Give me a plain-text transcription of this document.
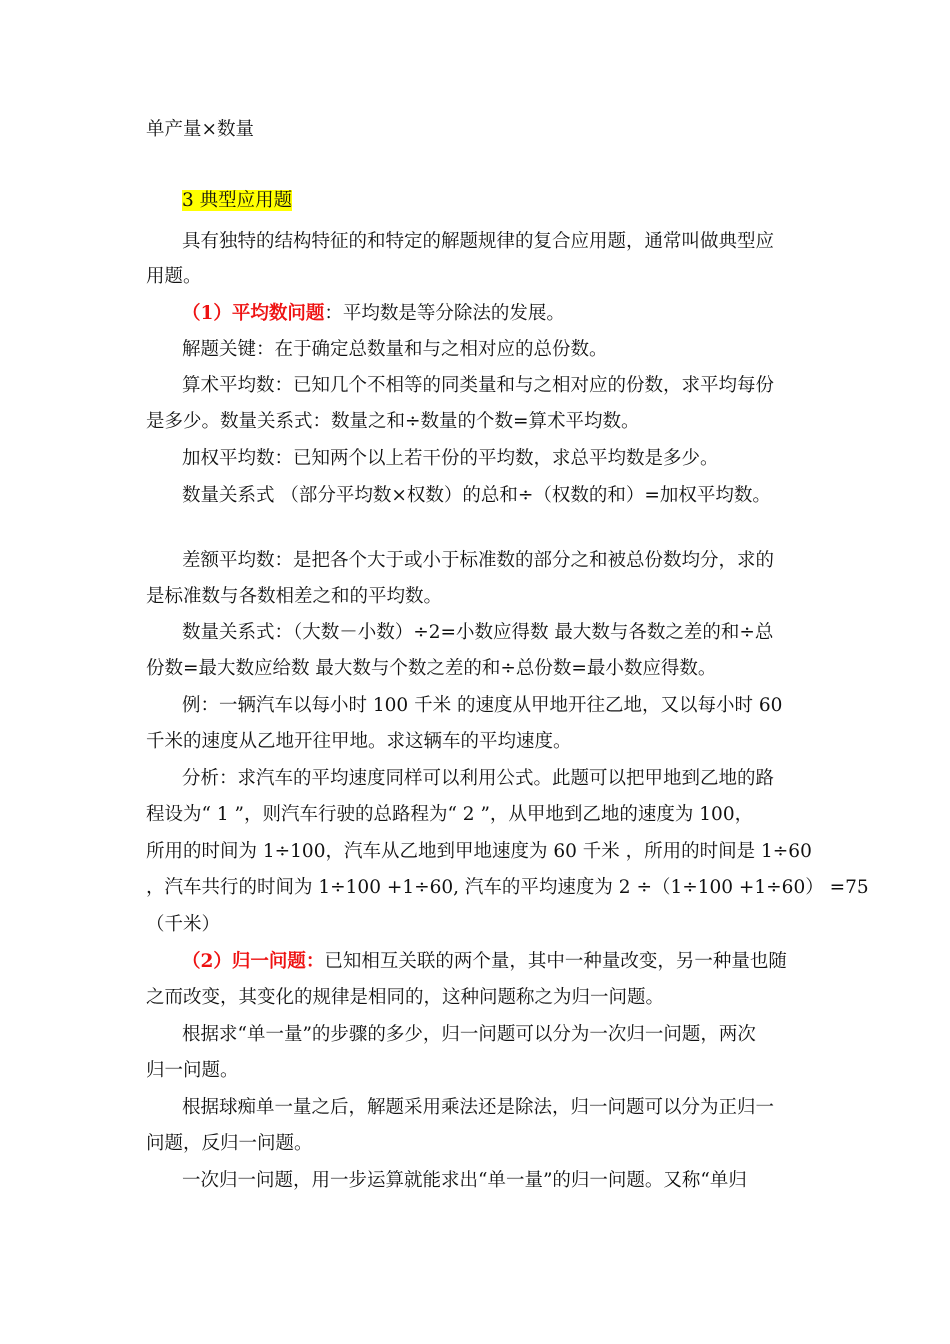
单产量×数量
3 典型应用题
具有独特的结构特征的和特定的解题规律的复合应用题，通常叫做典型应
用题。
（1）平均数问题：平均数是等分除法的发展。
解题关键：在于确定总数量和与之相对应的总份数。
算术平均数：已知几个不相等的同类量和与之相对应的份数，求平均每份
是多少。数量关系式：数量之和÷数量的个数=算术平均数。
加权平均数：已知两个以上若干份的平均数，求总平均数是多少。
数量关系式 （部分平均数×权数）的总和÷（权数的和）=加权平均数。
差额平均数：是把各个大于或小于标准数的部分之和被总份数均分，求的
是标准数与各数相差之和的平均数。
数量关系式：（大数－小数）÷2=小数应得数 最大数与各数之差的和÷总
份数=最大数应给数 最大数与个数之差的和÷总份数=最小数应得数。
例：一辆汽车以每小时 100 千米 的速度从甲地开往乙地，又以每小时 60
千米的速度从乙地开往甲地。求这辆车的平均速度。
分析：求汽车的平均速度同样可以利用公式。此题可以把甲地到乙地的路
程设为“ 1 ”，则汽车行驶的总路程为“ 2 ”，从甲地到乙地的速度为 100，
所用的时间为 1÷100，汽车从乙地到甲地速度为 60 千米 ，所用的时间是 1÷60
，汽车共行的时间为 1÷100 +1÷60, 汽车的平均速度为 2 ÷（1÷100 +1÷60） =75
（千米）
（2）归一问题：已知相互关联的两个量，其中一种量改变，另一种量也随
之而改变，其变化的规律是相同的，这种问题称之为归一问题。
根据求“单一量”的步骤的多少，归一问题可以分为一次归一问题，两次
归一问题。
根据球痴单一量之后，解题采用乘法还是除法，归一问题可以分为正归一
问题，反归一问题。
一次归一问题，用一步运算就能求出“单一量”的归一问题。又称“单归
